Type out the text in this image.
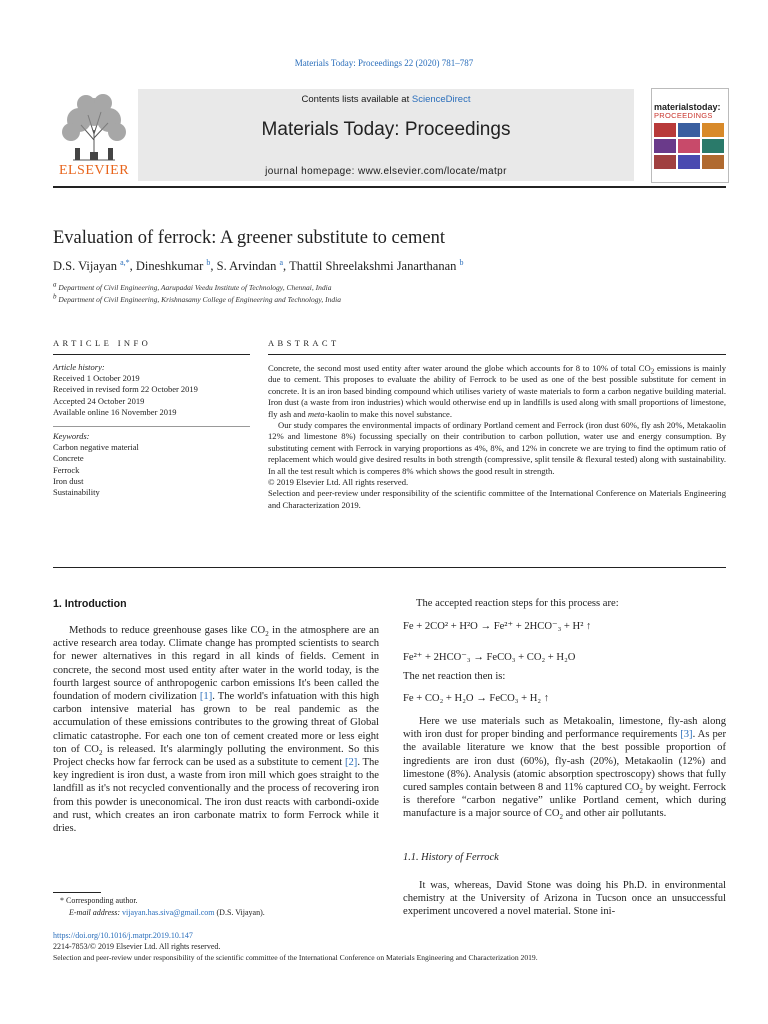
Materials Today: Proceedings 22 (2020) 781–787
Contents lists available at ScienceDirect
Materials Today: Proceedings
journal homepage: www.elsevier.com/locate/matpr
ELSEVIER
materialstoday:
PROCEEDINGS
Evaluation of ferrock: A greener substitute to cement
D.S. Vijayan $^{a,*}$, Dineshkumar $^b$, S. Arvindan $^a$, Thattil Shreelakshmi Janarthanan $^b$
$^a$ Department of Civil Engineering, Aarupadai Veedu Institute of Technology, Chennai, India
$^b$ Department of Civil Engineering, Krishnasamy College of Engineering and Technology, India
ARTICLE INFO
Article history:
Received 1 October 2019
Received in revised form 22 October 2019
Accepted 24 October 2019
Available online 16 November 2019
Keywords:
Carbon negative material
Concrete
Ferrock
Iron dust
Sustainability
ABSTRACT

Concrete, the second most used entity after water around the globe which accounts for 8 to 10% of total $CO_2$ emissions is mainly due to cement. This proposes to evaluate the ability of Ferrock to be used as one of the best possible substitute for cement in concrete. It is an iron based binding compound which utilises variety of waste materials to form a carbon negative building material. Iron dust (a waste from iron industries) which would otherwise end up in landfills is used along with small proportions of limestone, fly ash and meta-kaolin to make this novel substance.

Our study compares the environmental impacts of ordinary Portland cement and Ferrock (iron dust 60%, fly ash 20%, Metakaolin 12% and limestone 8%) focussing specially on their contribution to carbon pollution, water use and energy consumption. By substituting cement with Ferrock in varying proportions as 4%, 8%, and 12% in concrete we are trying to find the optimum ratio of replacement which would give desired results in both strength (compressive, split tensile & flexural tested) along with sustainability. In all the test result which is comperes 8% which shows the good result in strength.

© 2019 Elsevier Ltd. All rights reserved.

Selection and peer-review under responsibility of the scientific committee of the International Conference on Materials Engineering and Characterization 2019.

1. Introduction

Methods to reduce greenhouse gases like $CO_2$ in the atmosphere are an active research area today. Climate change has prompted scientists to search for newer alternatives in this regard in all kinds of fields. Cement in concrete, the second most used entity after water in the world today, is the fourth largest source of anthropogenic carbon emissions It's been called the foundation of modern civilization [1]. The world's infatuation with this high carbon intensive material has grown to be real pandemic as the accumulation of these emissions contributes to the growing threat of Global climatic catastrophe. For each one ton of cement created more or less eight ton of $CO_2$ is released. It's alarmingly polluting the environment. So this Project checks how far ferrock can be used as a substitute to cement [2]. The key ingredient is iron dust, a waste from iron mill which goes straight to the landfill as it's not recycled conventionally and the process of recovering iron from this powder is uneconomical. The iron dust reacts with carbondi-oxide and rust, which creates an iron carbonate matrix to form Ferrock while it dries.

The accepted reaction steps for this process are:
Fe + 2CO² + H²O → Fe²⁺ + 2HCO⁻₃ + H² ↑
Fe²⁺ + 2HCO⁻₃ → FeCO₃ + CO₂ + H₂O
The net reaction then is:
Fe + CO₂ + H₂O → FeCO₃ + H₂ ↑

Here we use materials such as Metakoalin, limestone, fly-ash along with iron dust for proper binding and performance requirements [3]. As per the available literature we know that the best possible proportion of ingredients are iron dust (60%), fly-ash (20%), Metakaolin (12%) and limestone (8%). Analysis (atomic absorption spectroscopy) shows that fully cured samples contain between 8 and 11% captured $CO_2$ by weight. Ferrock is therefore “carbon negative” unlike Portland cement, which during manufacture is a major source of $CO_2$ and other air pollutants.

1.1. History of Ferrock

It was, whereas, David Stone was doing his Ph.D. in environmental chemistry at the University of Arizona in Tucson once an unsuccessful experiment uncovered a novel material. Stone ini-

* Corresponding author.
E-mail address: vijayan.has.siva@gmail.com (D.S. Vijayan).
https://doi.org/10.1016/j.matpr.2019.10.147
2214-7853/© 2019 Elsevier Ltd. All rights reserved.
Selection and peer-review under responsibility of the scientific committee of the International Conference on Materials Engineering and Characterization 2019.
